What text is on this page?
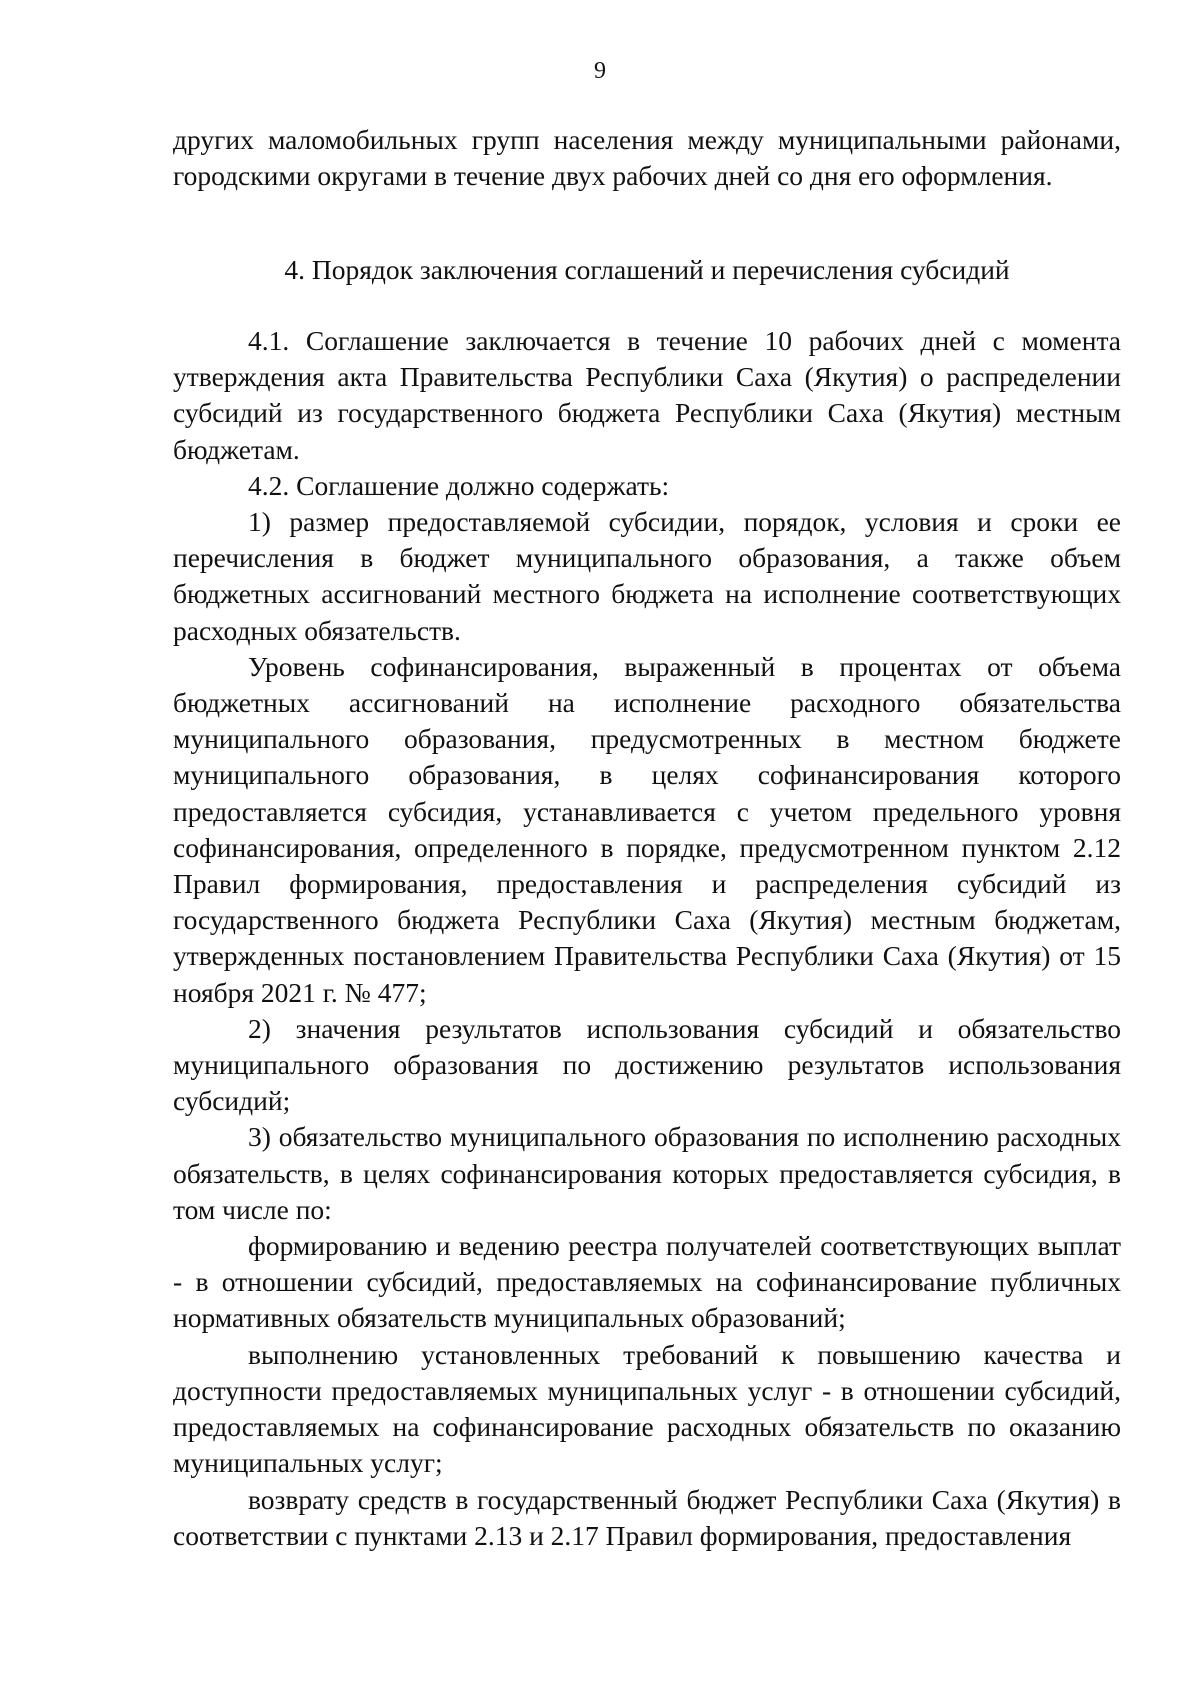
9

других маломобильных групп населения между муниципальными районами, городскими округами в течение двух рабочих дней со дня его оформления.

4. Порядок заключения соглашений и перечисления субсидий

4.1. Соглашение заключается в течение 10 рабочих дней с момента утверждения акта Правительства Республики Саха (Якутия) о распределении субсидий из государственного бюджета Республики Саха (Якутия) местным бюджетам.

4.2. Соглашение должно содержать:

1) размер предоставляемой субсидии, порядок, условия и сроки ее перечисления в бюджет муниципального образования, а также объем бюджетных ассигнований местного бюджета на исполнение соответствующих расходных обязательств.

Уровень софинансирования, выраженный в процентах от объема бюджетных ассигнований на исполнение расходного обязательства муниципального образования, предусмотренных в местном бюджете муниципального образования, в целях софинансирования которого предоставляется субсидия, устанавливается с учетом предельного уровня софинансирования, определенного в порядке, предусмотренном пунктом 2.12 Правил формирования, предоставления и распределения субсидий из государственного бюджета Республики Саха (Якутия) местным бюджетам, утвержденных постановлением Правительства Республики Саха (Якутия) от 15 ноября 2021 г. № 477;

2) значения результатов использования субсидий и обязательство муниципального образования по достижению результатов использования субсидий;

3) обязательство муниципального образования по исполнению расходных обязательств, в целях софинансирования которых предоставляется субсидия, в том числе по:

формированию и ведению реестра получателей соответствующих выплат - в отношении субсидий, предоставляемых на софинансирование публичных нормативных обязательств муниципальных образований;

выполнению установленных требований к повышению качества и доступности предоставляемых муниципальных услуг - в отношении субсидий, предоставляемых на софинансирование расходных обязательств по оказанию муниципальных услуг;

возврату средств в государственный бюджет Республики Саха (Якутия) в соответствии с пунктами 2.13 и 2.17 Правил формирования, предоставления
